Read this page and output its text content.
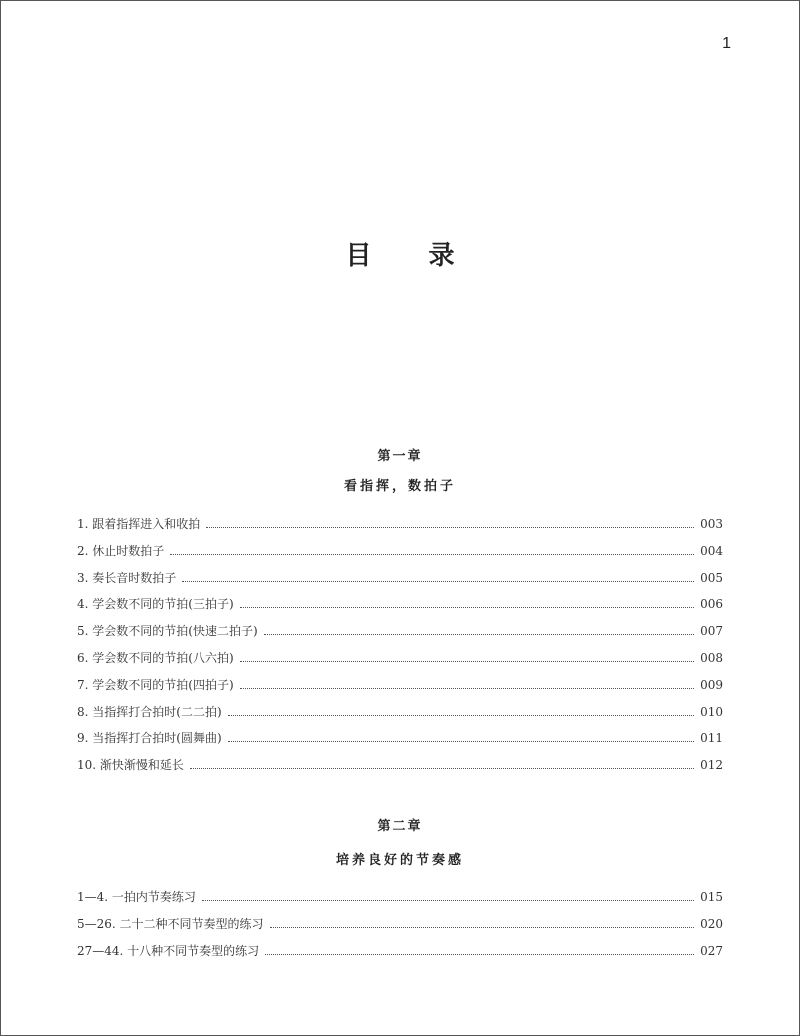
1
目 录
第一章
看指挥，数拍子
1. 跟着指挥进入和收拍	003
2. 休止时数拍子	004
3. 奏长音时数拍子	005
4. 学会数不同的节拍(三拍子)	006
5. 学会数不同的节拍(快速二拍子)	007
6. 学会数不同的节拍(八六拍)	008
7. 学会数不同的节拍(四拍子)	009
8. 当指挥打合拍时(二二拍)	010
9. 当指挥打合拍时(圆舞曲)	011
10. 渐快渐慢和延长	012
第二章
培养良好的节奏感
1—4. 一拍内节奏练习	015
5—26. 二十二种不同节奏型的练习	020
27—44. 十八种不同节奏型的练习	027
